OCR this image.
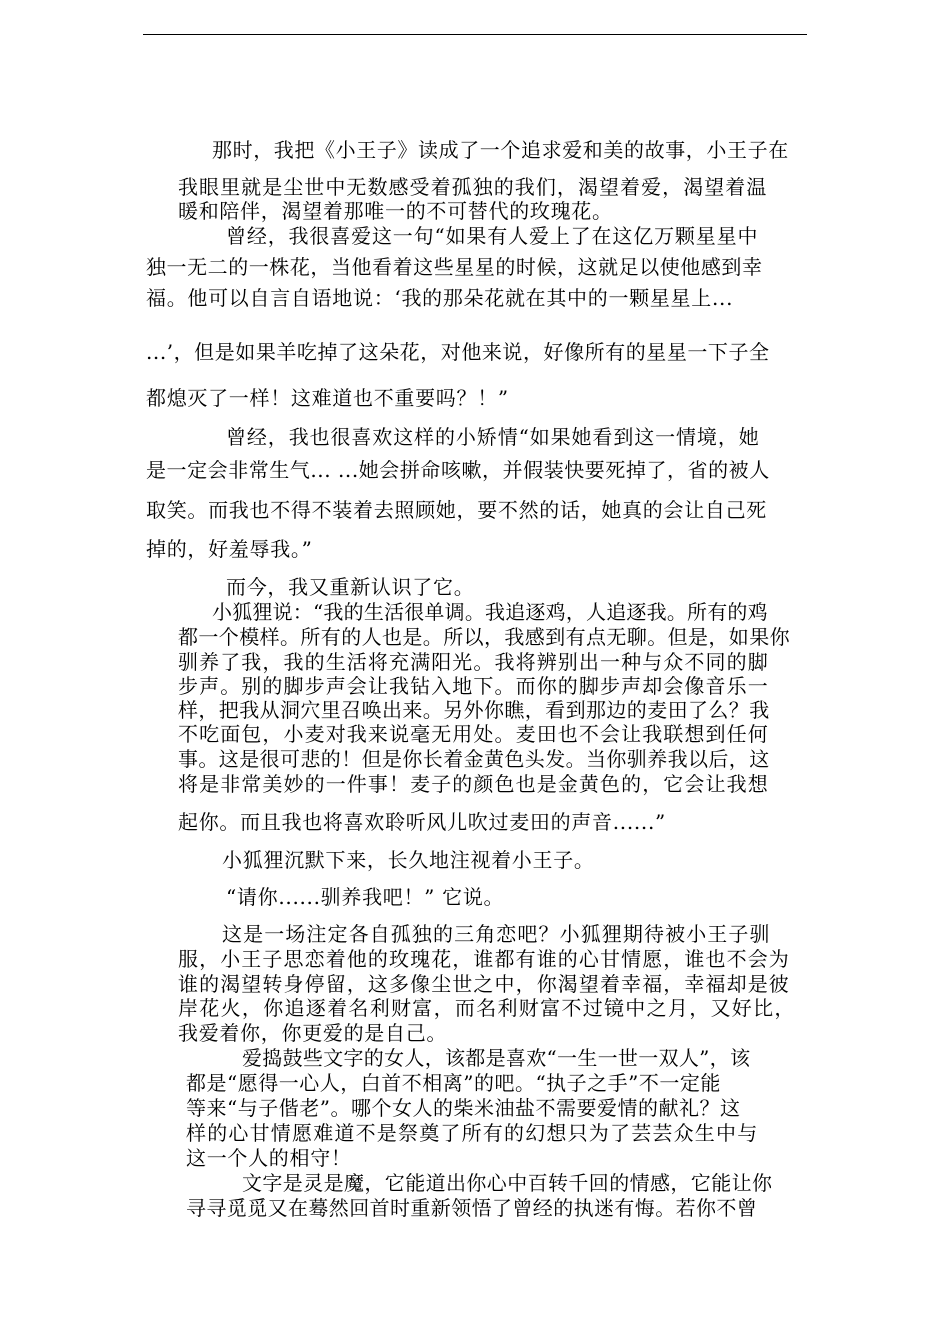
那时，我把《小王子》读成了一个追求爱和美的故事，小王子在

我眼里就是尘世中无数感受着孤独的我们，渴望着爱，渴望着温

暖和陪伴，渴望着那唯一的不可替代的玫瑰花。

曾经，我很喜爱这一句“如果有人爱上了在这亿万颗星星中

独一无二的一株花，当他看着这些星星的时候，这就足以使他感到幸

福。他可以自言自语地说：‘我的那朵花就在其中的一颗星星上...

...’，但是如果羊吃掉了这朵花，对他来说，好像所有的星星一下子全

都熄灭了一样！这难道也不重要吗？！”

曾经，我也很喜欢这样的小矫情“如果她看到这一情境，她

是一定会非常生气... ...她会拼命咳嗽，并假装快要死掉了，省的被人

取笑。而我也不得不装着去照顾她，要不然的话，她真的会让自己死

掉的，好羞辱我。”

而今，我又重新认识了它。

小狐狸说：“我的生活很单调。我追逐鸡，人追逐我。所有的鸡

都一个模样。所有的人也是。所以，我感到有点无聊。但是，如果你

驯养了我，我的生活将充满阳光。我将辨别出一种与众不同的脚

步声。别的脚步声会让我钻入地下。而你的脚步声却会像音乐一

样，把我从洞穴里召唤出来。另外你瞧，看到那边的麦田了么？我

不吃面包，小麦对我来说毫无用处。麦田也不会让我联想到任何

事。这是很可悲的！但是你长着金黄色头发。当你驯养我以后，这

将是非常美妙的一件事！麦子的颜色也是金黄色的，它会让我想

起你。而且我也将喜欢聆听风儿吹过麦田的声音......”

小狐狸沉默下来，长久地注视着小王子。

“请你......驯养我吧！” 它说。

这是一场注定各自孤独的三角恋吧？小狐狸期待被小王子驯

服，小王子思恋着他的玫瑰花，谁都有谁的心甘情愿，谁也不会为

谁的渴望转身停留，这多像尘世之中，你渴望着幸福，幸福却是彼

岸花火，你追逐着名利财富，而名利财富不过镜中之月，又好比，

我爱着你，你更爱的是自己。

爱捣鼓些文字的女人，该都是喜欢“一生一世一双人”，该

都是“愿得一心人，白首不相离”的吧。“执子之手”不一定能

等来“与子偕老”。哪个女人的柴米油盐不需要爱情的献礼？这

样的心甘情愿难道不是祭奠了所有的幻想只为了芸芸众生中与

这一个人的相守！

文字是灵是魔，它能道出你心中百转千回的情感，它能让你

寻寻觅觅又在蓦然回首时重新领悟了曾经的执迷有悔。若你不曾
